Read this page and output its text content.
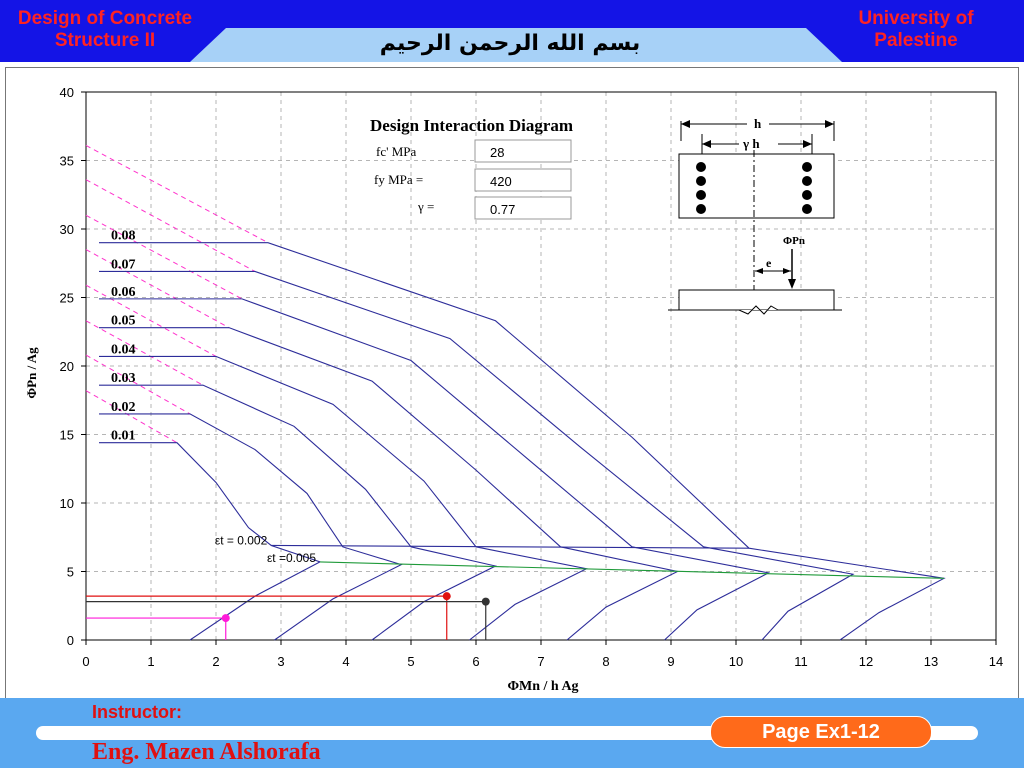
Design of Concrete
Structure II
University of
Palestine
بسم الله الرحمن الرحيم
0	1	2	3	4	5	6	7	8	9	10	11	12	13	14
0
5
10
15
20
25
30
35
40
0.01
0.02
0.03
0.04
0.05
0.06
0.07
0.08
εt = 0.002
εt =0.005
Design Interaction Diagram
fc' MPa	28
fy MPa =	420
γ =	0.77
h
γ h
ΦPn
e
ΦMn / h Ag
ΦPn / Ag
Instructor:
Eng. Mazen Alshorafa
Page Ex1-12
